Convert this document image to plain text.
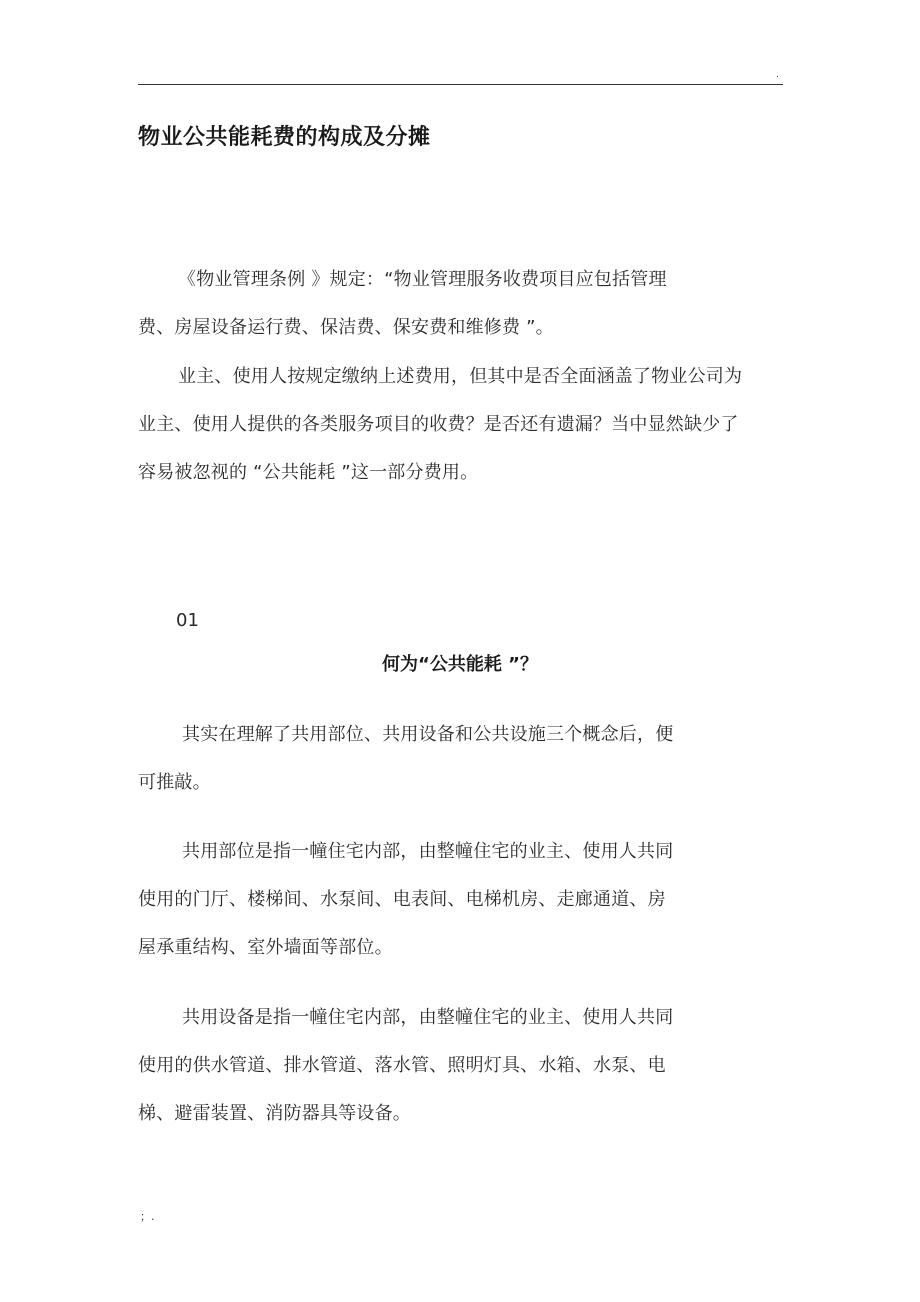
.
物业公共能耗费的构成及分摊
《物业管理条例 》规定：“物业管理服务收费项目应包括管理
费、房屋设备运行费、保洁费、保安费和维修费 ”。
业主、使用人按规定缴纳上述费用，但其中是否全面涵盖了物业公司为
业主、使用人提供的各类服务项目的收费？是否还有遗漏？当中显然缺少了
容易被忽视的 “公共能耗 ”这一部分费用。
01
何为“公共能耗 ”？
其实在理解了共用部位、共用设备和公共设施三个概念后，便
可推敲。
共用部位是指一幢住宅内部，由整幢住宅的业主、使用人共同
使用的门厅、楼梯间、水泵间、电表间、电梯机房、走廊通道、房
屋承重结构、室外墙面等部位。
共用设备是指一幢住宅内部，由整幢住宅的业主、使用人共同
使用的供水管道、排水管道、落水管、照明灯具、水箱、水泵、电
梯、避雷装置、消防器具等设备。
；.
